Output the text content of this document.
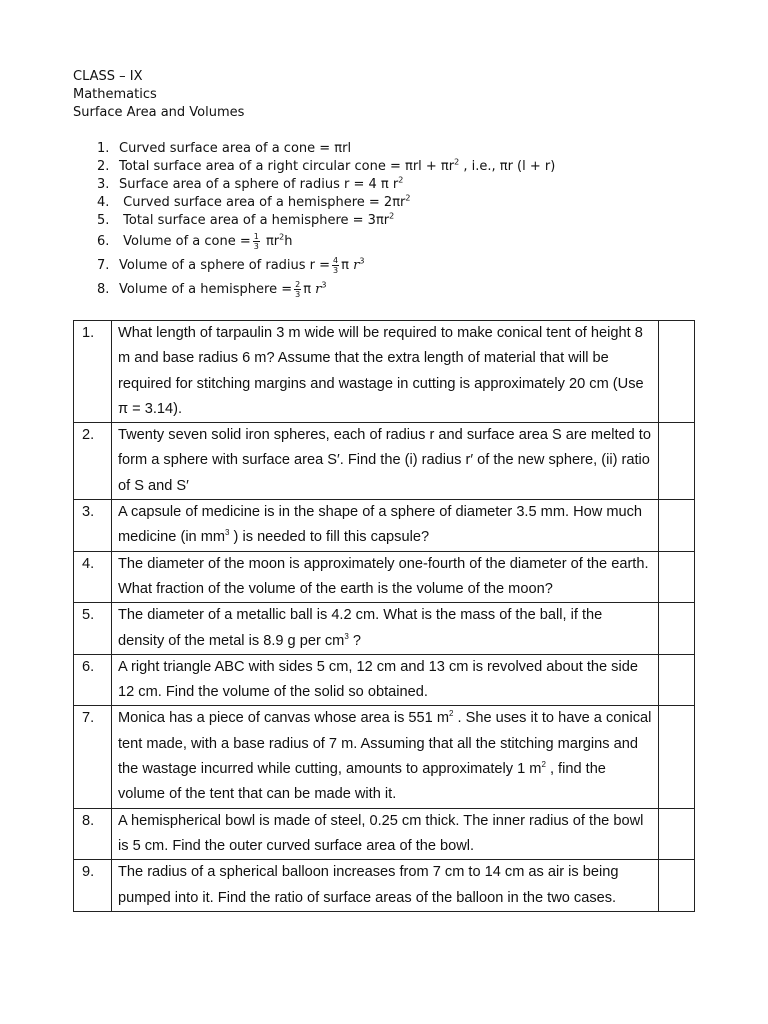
CLASS – IX
Mathematics
Surface Area and Volumes
1. Curved surface area of a cone = πrl
2. Total surface area of a right circular cone = $\pi rl + \pi r^2$ , i.e., πr (l + r)
3. Surface area of a sphere of radius r = 4 π $r^2$
4. Curved surface area of a hemisphere = $2\pi r^2$
5. Total surface area of a hemisphere = $3\pi r^2$
6. Volume of a cone = $\frac{1}{3} \pi r^2h$
7. Volume of a sphere of radius $r = \frac{4}{3}$ π $r^3$
8. Volume of a hemisphere = $\frac{2}{3}$ π $r^3$
1.	What length of tarpaulin 3 m wide will be required to make conical tent of height 8 m and base radius 6 m? Assume that the extra length of material that will be required for stitching margins and wastage in cutting is approximately 20 cm (Use π = 3.14).	
2.	Twenty seven solid iron spheres, each of radius r and surface area S are melted to form a sphere with surface area S′. Find the (i) radius r′ of the new sphere, (ii) ratio of S and S′	
3.	A capsule of medicine is in the shape of a sphere of diameter 3.5 mm. How much medicine (in $mm^3$ ) is needed to fill this capsule?	
4.	The diameter of the moon is approximately one-fourth of the diameter of the earth. What fraction of the volume of the earth is the volume of the moon?	
5.	The diameter of a metallic ball is 4.2 cm. What is the mass of the ball, if the density of the metal is 8.9 g per $cm^3$ ?	
6.	A right triangle ABC with sides 5 cm, 12 cm and 13 cm is revolved about the side 12 cm. Find the volume of the solid so obtained.	
7.	Monica has a piece of canvas whose area is 551 $m^2$ . She uses it to have a conical tent made, with a base radius of 7 m. Assuming that all the stitching margins and the wastage incurred while cutting, amounts to approximately 1 $m^2$ , find the volume of the tent that can be made with it.	
8.	A hemispherical bowl is made of steel, 0.25 cm thick. The inner radius of the bowl is 5 cm. Find the outer curved surface area of the bowl.	
9.	The radius of a spherical balloon increases from 7 cm to 14 cm as air is being pumped into it. Find the ratio of surface areas of the balloon in the two cases.	
